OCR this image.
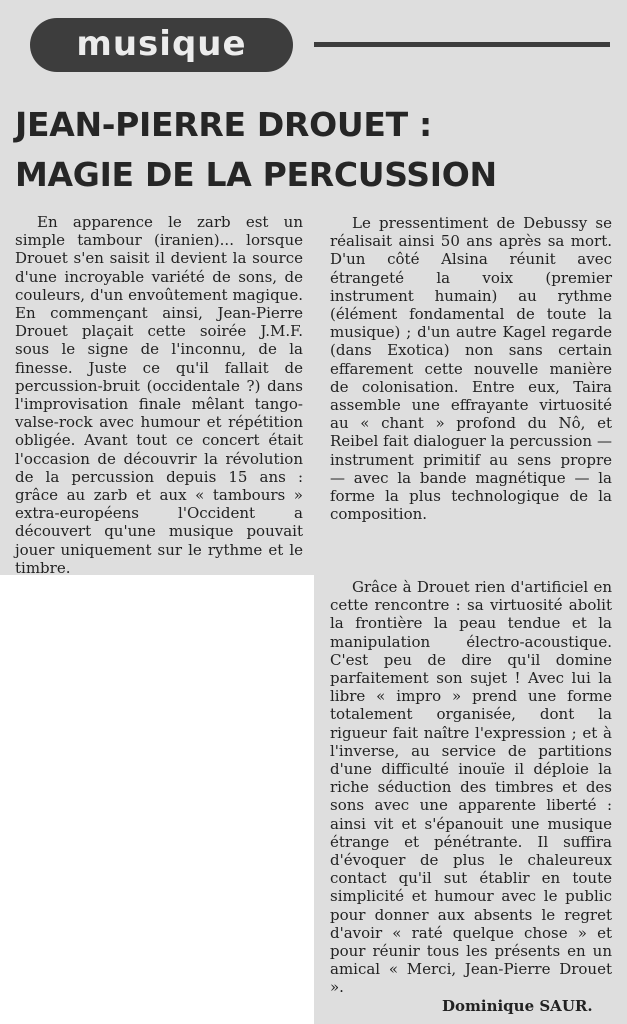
musique
JEAN-PIERRE DROUET :
MAGIE DE LA PERCUSSION

En apparence le zarb est un simple tambour (iranien)... lorsque Drouet s'en saisit il devient la source d'une incroyable variété de sons, de couleurs, d'un envoûtement magique. En commençant ainsi, Jean-Pierre Drouet plaçait cette soirée J.M.F. sous le signe de l'inconnu, de la finesse. Juste ce qu'il fallait de percussion-bruit (occidentale ?) dans l'improvisation finale mêlant tango-valse-rock avec humour et répétition obligée. Avant tout ce concert était l'occasion de découvrir la révolution de la percussion depuis 15 ans : grâce au zarb et aux « tambours » extra-européens l'Occident a découvert qu'une musique pouvait jouer uniquement sur le rythme et le timbre.

Le pressentiment de Debussy se réalisait ainsi 50 ans après sa mort. D'un côté Alsina réunit avec étrangeté la voix (premier instrument humain) au rythme (élément fondamental de toute la musique) ; d'un autre Kagel regarde (dans Exotica) non sans certain effarement cette nouvelle manière de colonisation. Entre eux, Taira assemble une effrayante virtuosité au « chant » profond du Nô, et Reibel fait dialoguer la percussion — instrument primitif au sens propre — avec la bande magnétique — la forme la plus technologique de la composition.

Grâce à Drouet rien d'artificiel en cette rencontre : sa virtuosité abolit la frontière la peau tendue et la manipulation électro-acoustique. C'est peu de dire qu'il domine parfaitement son sujet ! Avec lui la libre « impro » prend une forme totalement organisée, dont la rigueur fait naître l'expression ; et à l'inverse, au service de partitions d'une difficulté inouïe il déploie la riche séduction des timbres et des sons avec une apparente liberté : ainsi vit et s'épanouit une musique étrange et pénétrante. Il suffira d'évoquer de plus le chaleureux contact qu'il sut établir en toute simplicité et humour avec le public pour donner aux absents le regret d'avoir « raté quelque chose » et pour réunir tous les présents en un amical « Merci, Jean-Pierre Drouet ».

Dominique SAUR.
